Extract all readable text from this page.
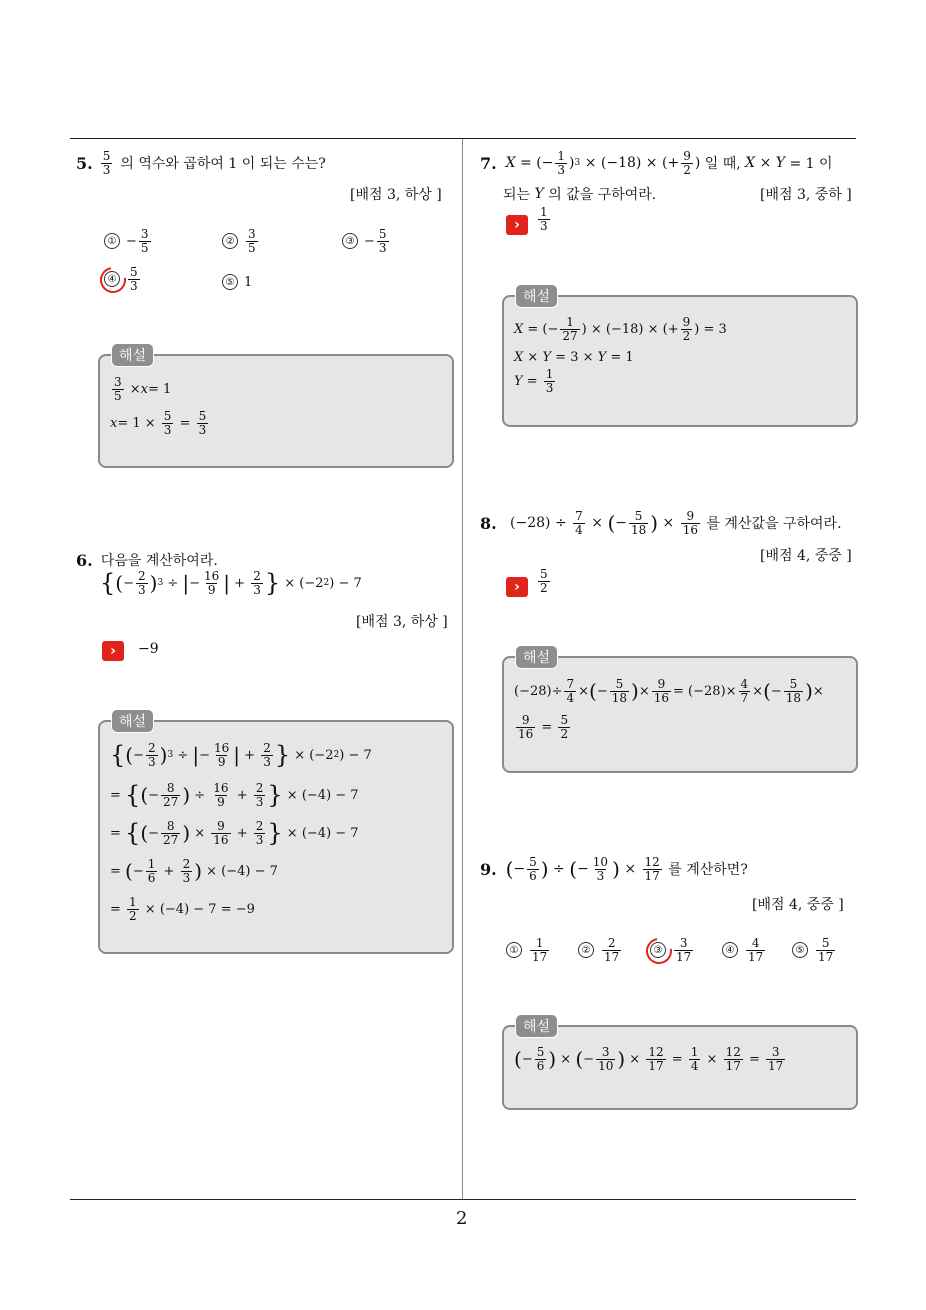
2
5. $\frac{5}{3}$ 의 역수와 곱하여 1 이 되는 수는?
[배점 3, 하상 ]
① − $\frac{3}{5}$	② $\frac{3}{5}$	③ − $\frac{5}{3}$
④ $\frac{5}{3}$	⑤ 1
해설
$\frac{3}{5} \times x = 1$
$x = 1 \times \frac{5}{3} = \frac{5}{3}$
6. 다음을 계산하여라.
{ ( − $\frac{2}{3}$ ) 3 ÷ | − $\frac{16}{9}$ | + $\frac{2}{3}$ } × (−2 2 ) − 7
[배점 3, 하상 ]
›	−9
해설
{ ( − $\frac{2}{3}$ ) 3 ÷ | − $\frac{16}{9}$ | + $\frac{2}{3}$ } × (−2 2 ) − 7
= { ( − $\frac{8}{27}$ ) ÷ $\frac{16}{9} + \frac{2}{3}$ } × (−4) − 7
= { ( − $\frac{8}{27}$ ) × $\frac{9}{16} + \frac{2}{3}$ } × (−4) − 7
= ( − $\frac{1}{6} + \frac{2}{3}$ ) × (−4) − 7
= $\frac{1}{2} \times (-4) - 7 = -9$
7.
X = (− $\frac{1}{3}$ ) 3 × (−18) × (+ $\frac{9}{2}$ ) 일 때,
X × Y = 1 이
되는
Y
의 값을 구하여라.	[배점 3, 중하 ]
›	$\frac{1}{3}$
해설
X = (− $\frac{1}{27}$ ) × (−18) × (+ $\frac{9}{2}$ ) = 3
X × Y = 3 × Y = 1
$Y = \frac{1}{3}$
8. $(-28) \div \frac{7}{4}$ × ( − $\frac{5}{18}$ ) × $\frac{9}{16}$
를 계산값을 구하여라.
[배점 4, 중중 ]
›	$\frac{5}{2}$
해설
$(-28)\div \frac{7}{4}$ × ( − $\frac{5}{18}$ ) × $\frac{9}{16} = (-28)\times \frac{4}{7}$ × ( − $\frac{5}{18}$ ) ×
$\frac{9}{16} = \frac{5}{2}$
9.
( − $\frac{5}{6}$ ) ÷ ( − $\frac{10}{3}$ ) × $\frac{12}{17}$
를 계산하면?
[배점 4, 중중 ]
① $\frac{1}{17}$	② $\frac{2}{17}$	③ $\frac{3}{17}$	④ $\frac{4}{17}$	⑤ $\frac{5}{17}$
해설
( − $\frac{5}{6}$ ) × ( − $\frac{3}{10}$ ) × $\frac{12}{17} = \frac{1}{4} \times \frac{12}{17} = \frac{3}{17}$
